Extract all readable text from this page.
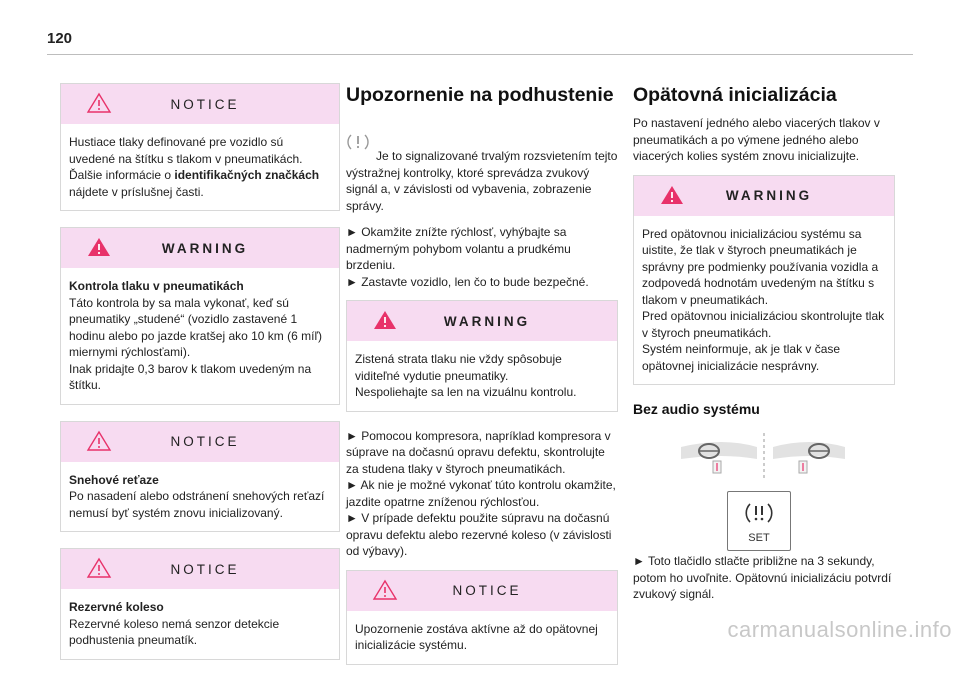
120
NOTICE

Hustiace tlaky definované pre vozidlo sú uvedené na štítku s tlakom v pneumatikách.
Ďalšie informácie o identifikačných značkách nájdete v príslušnej časti.

WARNING

Kontrola tlaku v pneumatikách

Táto kontrola by sa mala vykonať, keď sú pneumatiky „studené“ (vozidlo zastavené 1 hodinu alebo po jazde kratšej ako 10 km (6 míľ) miernymi rýchlosťami).
Inak pridajte 0,3 barov k tlakom uvedeným na štítku.

NOTICE

Snehové reťaze

Po nasadení alebo odstránení snehových reťazí nemusí byť systém znovu inicializovaný.

NOTICE

Rezervné koleso

Rezervné koleso nemá senzor detekcie podhustenia pneumatík.

Upozornenie na podhustenie

Je to signalizované trvalým rozsvietením tejto výstražnej kontrolky, ktoré sprevádza zvukový signál a, v závislosti od vybavenia, zobrazenie správy.

► Okamžite znížte rýchlosť, vyhýbajte sa nadmerným pohybom volantu a prudkému brzdeniu.
► Zastavte vozidlo, len čo to bude bezpečné.

WARNING

Zistená strata tlaku nie vždy spôsobuje viditeľné vydutie pneumatiky.
Nespoliehajte sa len na vizuálnu kontrolu.

► Pomocou kompresora, napríklad kompresora v súprave na dočasnú opravu defektu, skontrolujte za studena tlaky v štyroch pneumatikách.
► Ak nie je možné vykonať túto kontrolu okamžite, jazdite opatrne zníženou rýchlosťou.
► V prípade defektu použite súpravu na dočasnú opravu defektu alebo rezervné koleso (v závislosti od výbavy).

NOTICE

Upozornenie zostáva aktívne až do opätovnej inicializácie systému.

Opätovná inicializácia

Po nastavení jedného alebo viacerých tlakov v pneumatikách a po výmene jedného alebo viacerých kolies systém znovu inicializujte.

WARNING

Pred opätovnou inicializáciou systému sa uistite, že tlak v štyroch pneumatikách je správny pre podmienky používania vozidla a zodpovedá hodnotám uvedeným na štítku s tlakom v pneumatikách.
Pred opätovnou inicializáciou skontrolujte tlak v štyroch pneumatikách.
Systém neinformuje, ak je tlak v čase opätovnej inicializácie nesprávny.

Bez audio systému
SET

► Toto tlačidlo stlačte približne na 3 sekundy, potom ho uvoľnite. Opätovnú inicializáciu potvrdí zvukový signál.

carmanualsonline.info
